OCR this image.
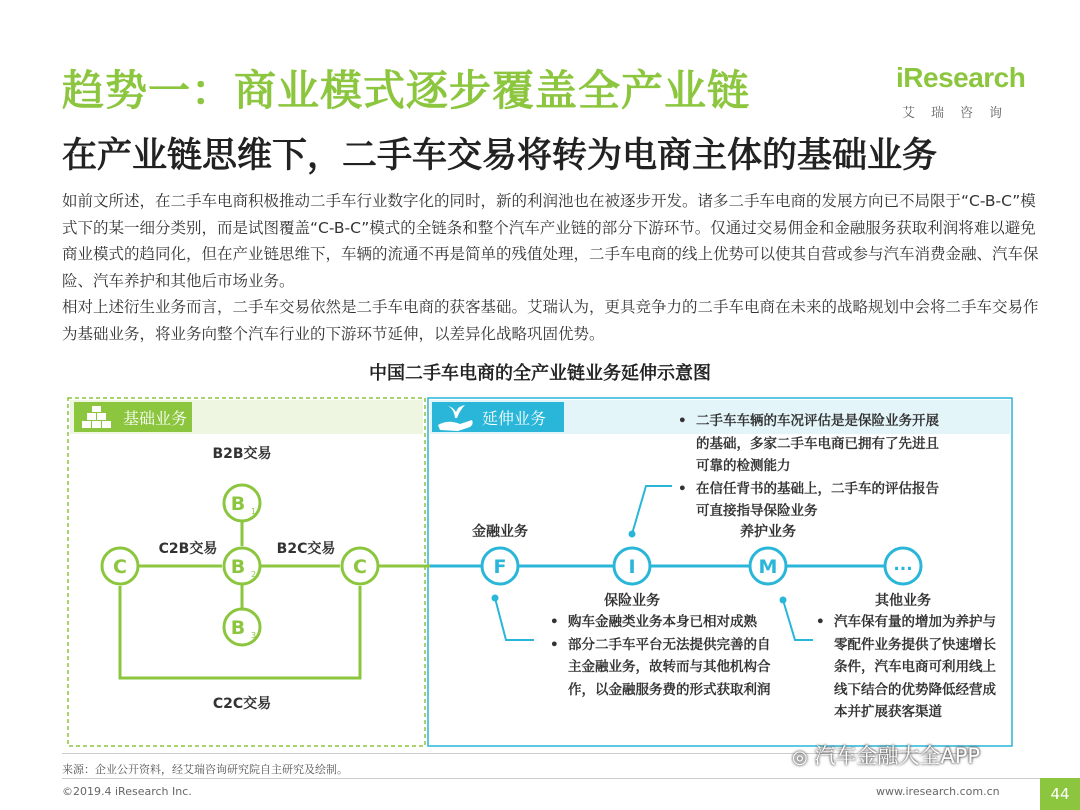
趋势一：商业模式逐步覆盖全产业链
在产业链思维下，二手车交易将转为电商主体的基础业务
iResearch
艾瑞咨询

如前文所述，在二手车电商积极推动二手车行业数字化的同时，新的利润池也在被逐步开发。诸多二手车电商的发展方向已不局限于“C-B-C”模式下的某一细分类别，而是试图覆盖“C-B-C”模式的全链条和整个汽车产业链的部分下游环节。仅通过交易佣金和金融服务获取利润将难以避免商业模式的趋同化，但在产业链思维下，车辆的流通不再是简单的残值处理，二手车电商的线上优势可以使其自营或参与汽车消费金融、汽车保险、汽车养护和其他后市场业务。

相对上述衍生业务而言，二手车交易依然是二手车电商的获客基础。艾瑞认为，更具竞争力的二手车电商在未来的战略规划中会将二手车交易作为基础业务，将业务向整个汽车行业的下游环节延伸，以差异化战略巩固优势。

中国二手车电商的全产业链业务延伸示意图
基础业务	延伸业务
C	C
B 1
B 2
B 3
B2B交易
C2B交易	B2C交易
C2C交易
F	I	M	...
金融业务
保险业务
养护业务
其他业务
• 二手车车辆的车况评估是是保险业务开展的基础，多家二手车电商已拥有了先进且可靠的检测能力
• 在信任背书的基础上，二手车的评估报告可直接指导保险业务
• 购车金融类业务本身已相对成熟
• 部分二手车平台无法提供完善的自主金融业务，故转而与其他机构合作，以金融服务费的形式获取利润
• 汽车保有量的增加为养护与零配件业务提供了快速增长条件，汽车电商可利用线上线下结合的优势降低经营成本并扩展获客渠道
来源：企业公开资料，经艾瑞咨询研究院自主研究及绘制。
©2019.4 iResearch Inc.	www.iresearch.com.cn	44
◎ 汽车金融大全APP
